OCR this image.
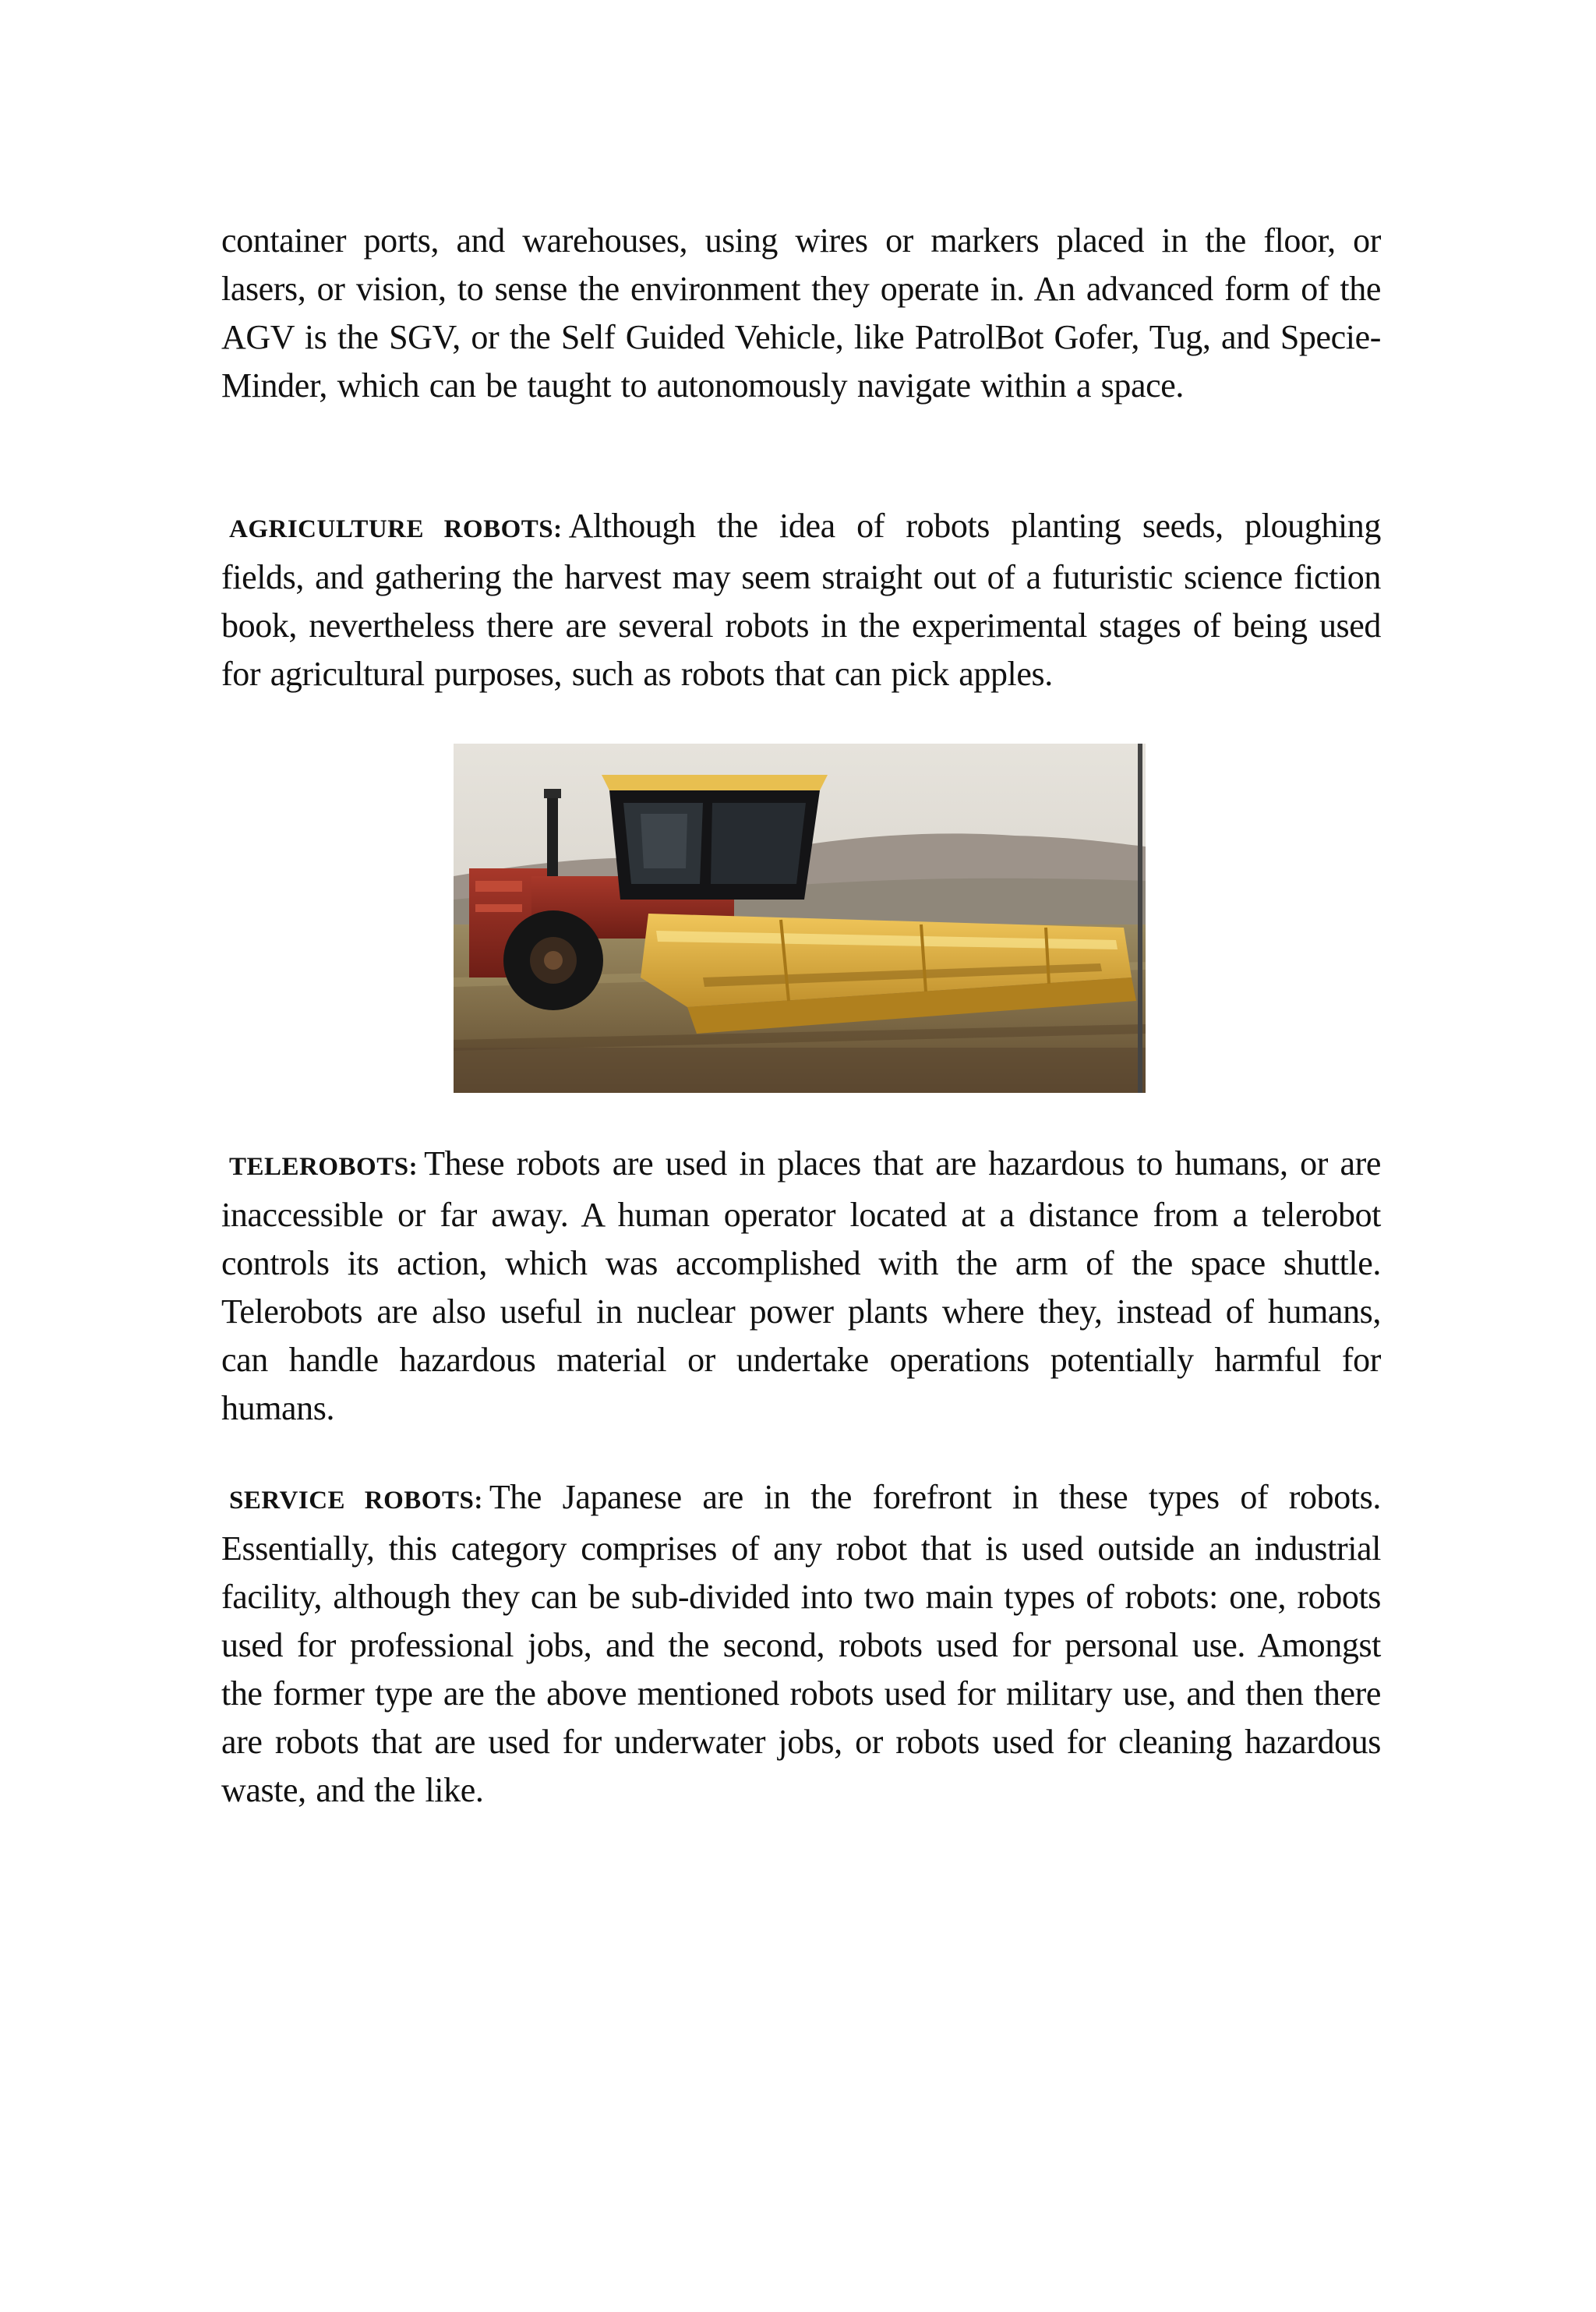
container ports, and warehouses, using wires or markers placed in the floor, or lasers, or vision, to sense the environment they operate in. An advanced form of the AGV is the SGV, or the Self Guided Vehicle, like PatrolBot Gofer, Tug, and Specie-Minder, which can be taught to autonomously navigate within a space.

AGRICULTURE ROBOTS: Although the idea of robots planting seeds, ploughing fields, and gathering the harvest may seem straight out of a futuristic science fiction book, nevertheless there are several robots in the experimental stages of being used for agricultural purposes, such as robots that can pick apples.

TELEROBOTS: These robots are used in places that are hazardous to humans, or are inaccessible or far away. A human operator located at a distance from a telerobot controls its action, which was accomplished with the arm of the space shuttle. Telerobots are also useful in nuclear power plants where they, instead of humans, can handle hazardous material or undertake operations potentially harmful for humans.

SERVICE ROBOTS: The Japanese are in the forefront in these types of robots. Essentially, this category comprises of any robot that is used outside an industrial facility, although they can be sub-divided into two main types of robots: one, robots used for professional jobs, and the second, robots used for personal use. Amongst the former type are the above mentioned robots used for military use, and then there are robots that are used for underwater jobs, or robots used for cleaning hazardous waste, and the like.
